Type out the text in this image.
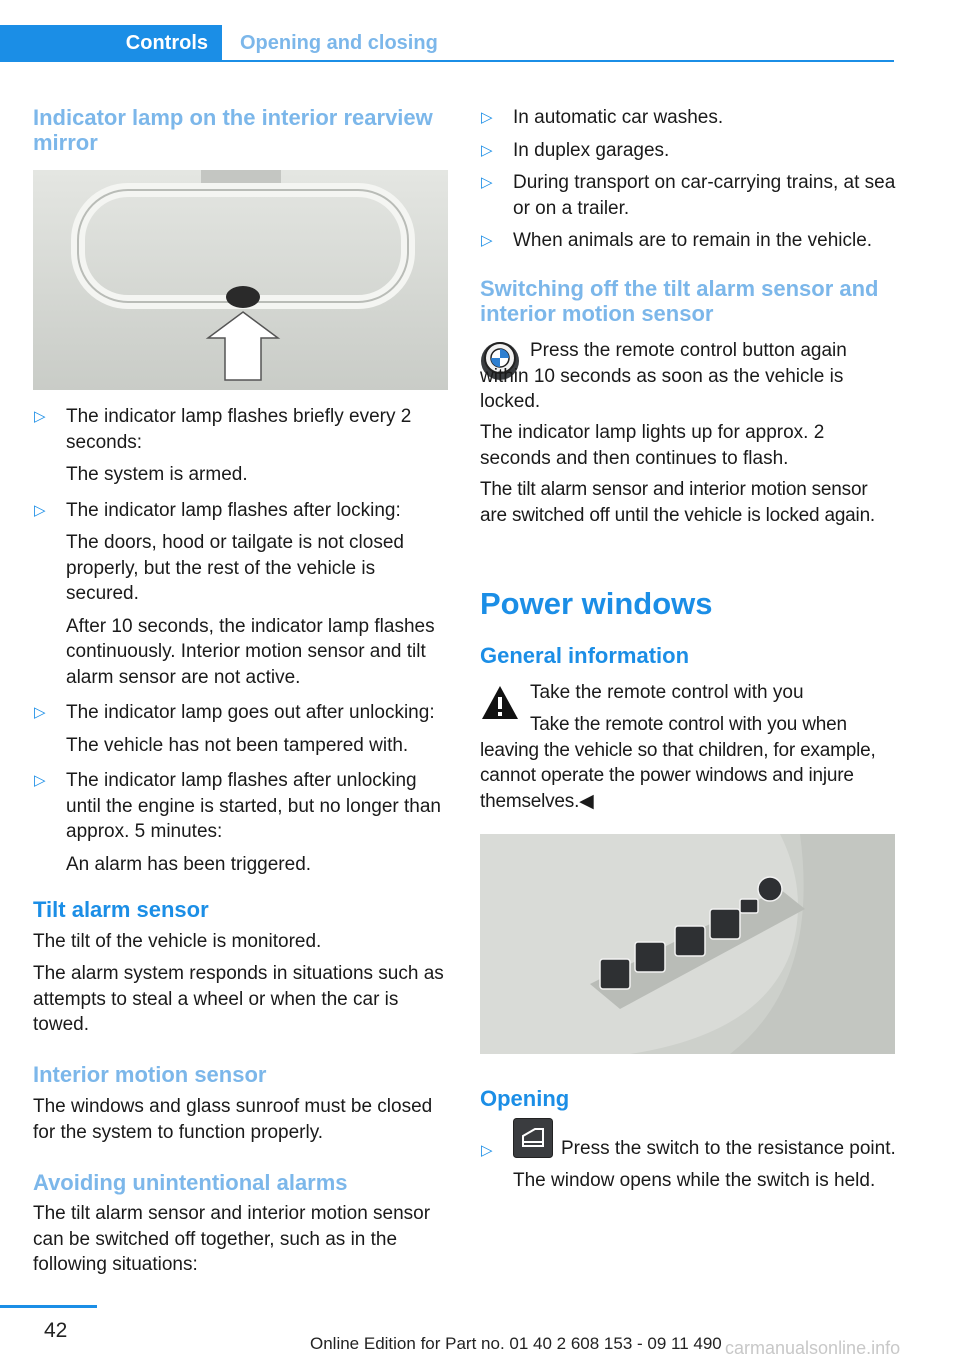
Controls	Opening and closing
Indicator lamp on the interior rearview mirror
▷ The indicator lamp flashes briefly every 2 seconds:

The system is armed.

▷ The indicator lamp flashes after locking:

The doors, hood or tailgate is not closed properly, but the rest of the vehicle is secured.

After 10 seconds, the indicator lamp flashes continuously. Interior motion sensor and tilt alarm sensor are not active.

▷ The indicator lamp goes out after unlocking:

The vehicle has not been tampered with.

▷ The indicator lamp flashes after unlocking until the engine is started, but no longer than approx. 5 minutes:

An alarm has been triggered.

Tilt alarm sensor

The tilt of the vehicle is monitored.

The alarm system responds in situations such as attempts to steal a wheel or when the car is towed.

Interior motion sensor

The windows and glass sunroof must be closed for the system to function properly.

Avoiding unintentional alarms

The tilt alarm sensor and interior motion sensor can be switched off together, such as in the following situations:

▷ In automatic car washes.

▷ In duplex garages.

▷ During transport on car-carrying trains, at sea or on a trailer.

▷ When animals are to remain in the vehicle.

Switching off the tilt alarm sensor and interior motion sensor

Press the remote control button again within 10 seconds as soon as the vehicle is locked.

The indicator lamp lights up for approx. 2 seconds and then continues to flash.

The tilt alarm sensor and interior motion sensor are switched off until the vehicle is locked again.

Power windows
General information

Take the remote control with you

Take the remote control with you when leaving the vehicle so that children, for example, cannot operate the power windows and injure themselves.◀

Opening
▷	Press the switch to the resistance point.

The window opens while the switch is held.

42
Online Edition for Part no. 01 40 2 608 153 - 09 11 490 carmanualsonline.info
